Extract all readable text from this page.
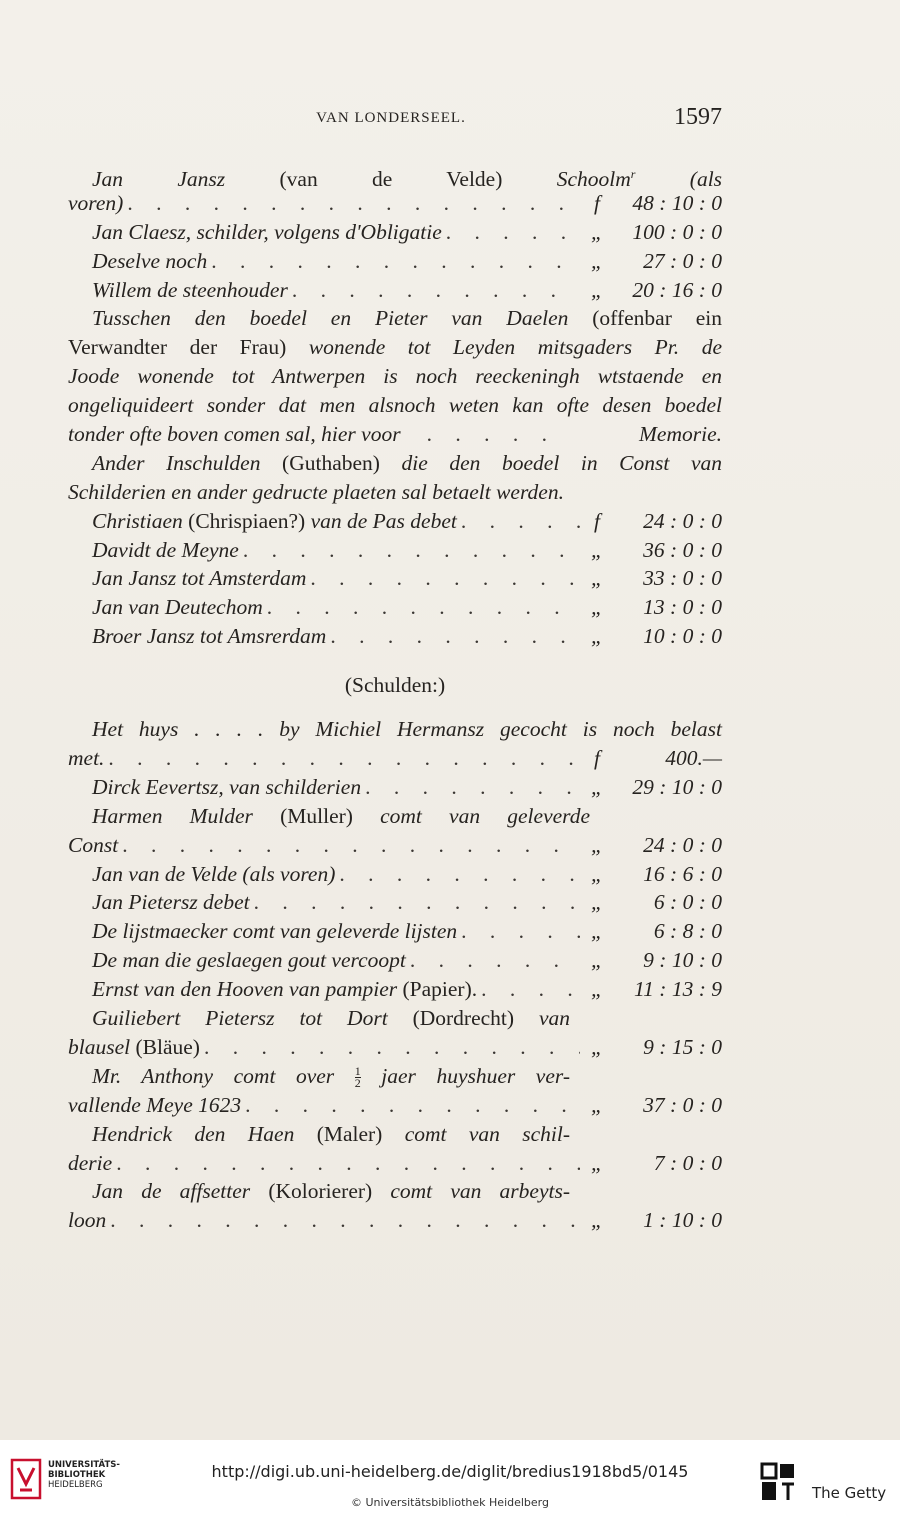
VAN LONDERSEEL.	1597
Jan Jansz	(van de Velde)	Schoolm$^r$	(als
voren) . . .	f	48 : 10 : 0
Jan Claesz, schilder, volgens d'Obligatie . . .	„	100 : 0 : 0
Deselve noch . . .	„	27 : 0 : 0
Willem de steenhouder . . .	„	20 : 16 : 0
Tusschen den boedel en Pieter van Daelen (offenbar ein
Verwandter der Frau) wonende tot Leyden mitsgaders Pr. de
Joode wonende tot Antwerpen is noch reeckeningh wtstaende en
ongeliquideert sonder dat men alsnoch weten kan ofte desen boedel
tonder ofte boven comen sal, hier voor . . .	Memorie.
Ander Inschulden (Guthaben) die den boedel in Const van
Schilderien en ander gedructe plaeten sal betaelt werden.
Christiaen (Chrispiaen?) van de Pas debet . . .	f	24 : 0 : 0
Davidt de Meyne . . .	„	36 : 0 : 0
Jan Jansz tot Amsterdam . . .	„	33 : 0 : 0
Jan van Deutechom . . .	„	13 : 0 : 0
Broer Jansz tot Amsrerdam . . .	„	10 : 0 : 0
(Schulden:)
Het huys . . . . by Michiel Hermansz gecocht is noch belast
met. . . .	f	400.—
Dirck Eevertsz, van schilderien . . .	„	29 : 10 : 0
Harmen Mulder (Muller) comt van geleverde
Const . . .	„	24 : 0 : 0
Jan van de Velde (als voren) . . .	„	16 : 6 : 0
Jan Pietersz debet . . .	„	6 : 0 : 0
De lijstmaecker comt van geleverde lijsten . . .	„	6 : 8 : 0
De man die geslaegen gout vercoopt . . .	„	9 : 10 : 0
Ernst van den Hooven van pampier (Papier). . . .	„	11 : 13 : 9
Guiliebert Pietersz tot Dort (Dordrecht) van
blausel (Bläue) . . .	„	9 : 15 : 0
Mr. Anthony comt over $\frac{1}{2}$ jaer huyshuer ver-
vallende Meye 1623 . . .	„	37 : 0 : 0
Hendrick den Haen (Maler) comt van schil-
derie . . .	„	7 : 0 : 0
Jan de affsetter (Kolorierer) comt van arbeyts-
loon . . .	„	1 : 10 : 0
UNIVERSITÄTS-
BIBLIOTHEK
HEIDELBERG
http://digi.ub.uni-heidelberg.de/diglit/bredius1918bd5/0145
© Universitätsbibliothek Heidelberg
The Getty
